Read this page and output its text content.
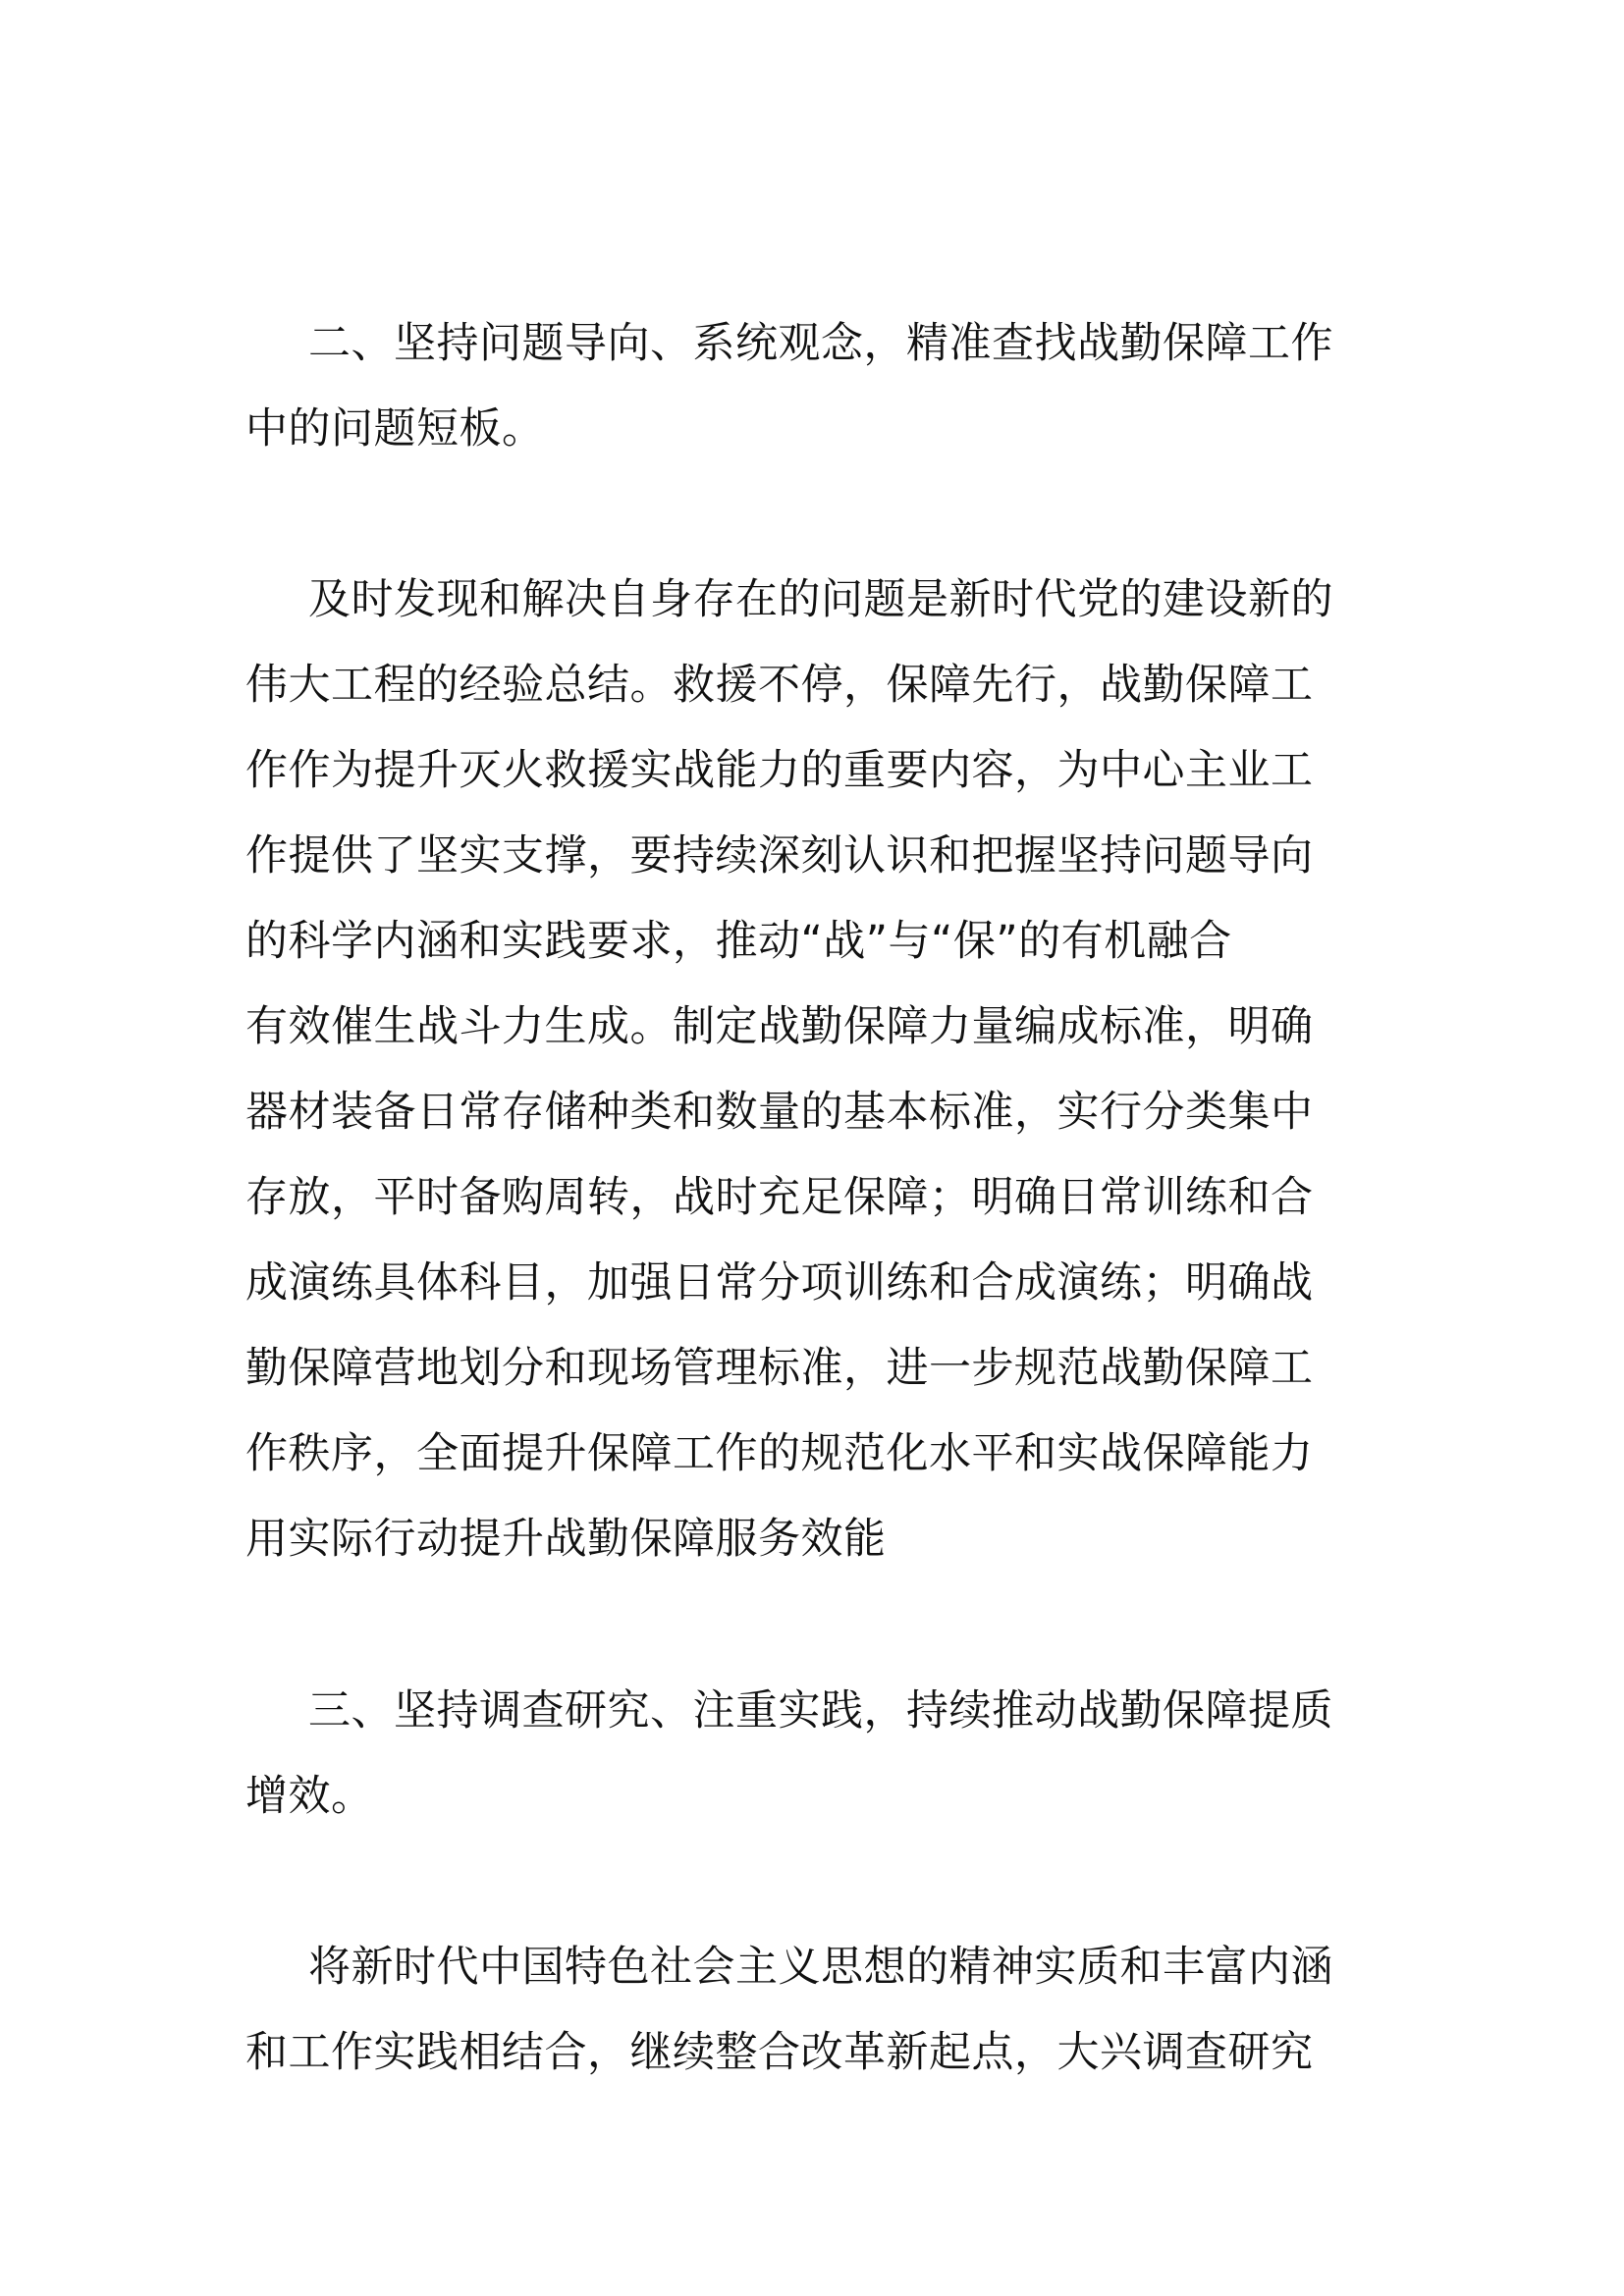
二、坚持问题导向、系统观念，精准查找战勤保障工作
中的问题短板。
及时发现和解决自身存在的问题是新时代党的建设新的
伟大工程的经验总结。救援不停，保障先行，战勤保障工
作作为提升灭火救援实战能力的重要内容，为中心主业工
作提供了坚实支撑，要持续深刻认识和把握坚持问题导向
的科学内涵和实践要求，推动“战”与“保”的有机融合
有效催生战斗力生成。制定战勤保障力量编成标准，明确
器材装备日常存储种类和数量的基本标准，实行分类集中
存放，平时备购周转，战时充足保障；明确日常训练和合
成演练具体科目，加强日常分项训练和合成演练；明确战
勤保障营地划分和现场管理标准，进一步规范战勤保障工
作秩序，全面提升保障工作的规范化水平和实战保障能力
用实际行动提升战勤保障服务效能
三、坚持调查研究、注重实践，持续推动战勤保障提质
增效。
将新时代中国特色社会主义思想的精神实质和丰富内涵
和工作实践相结合，继续整合改革新起点，大兴调查研究
